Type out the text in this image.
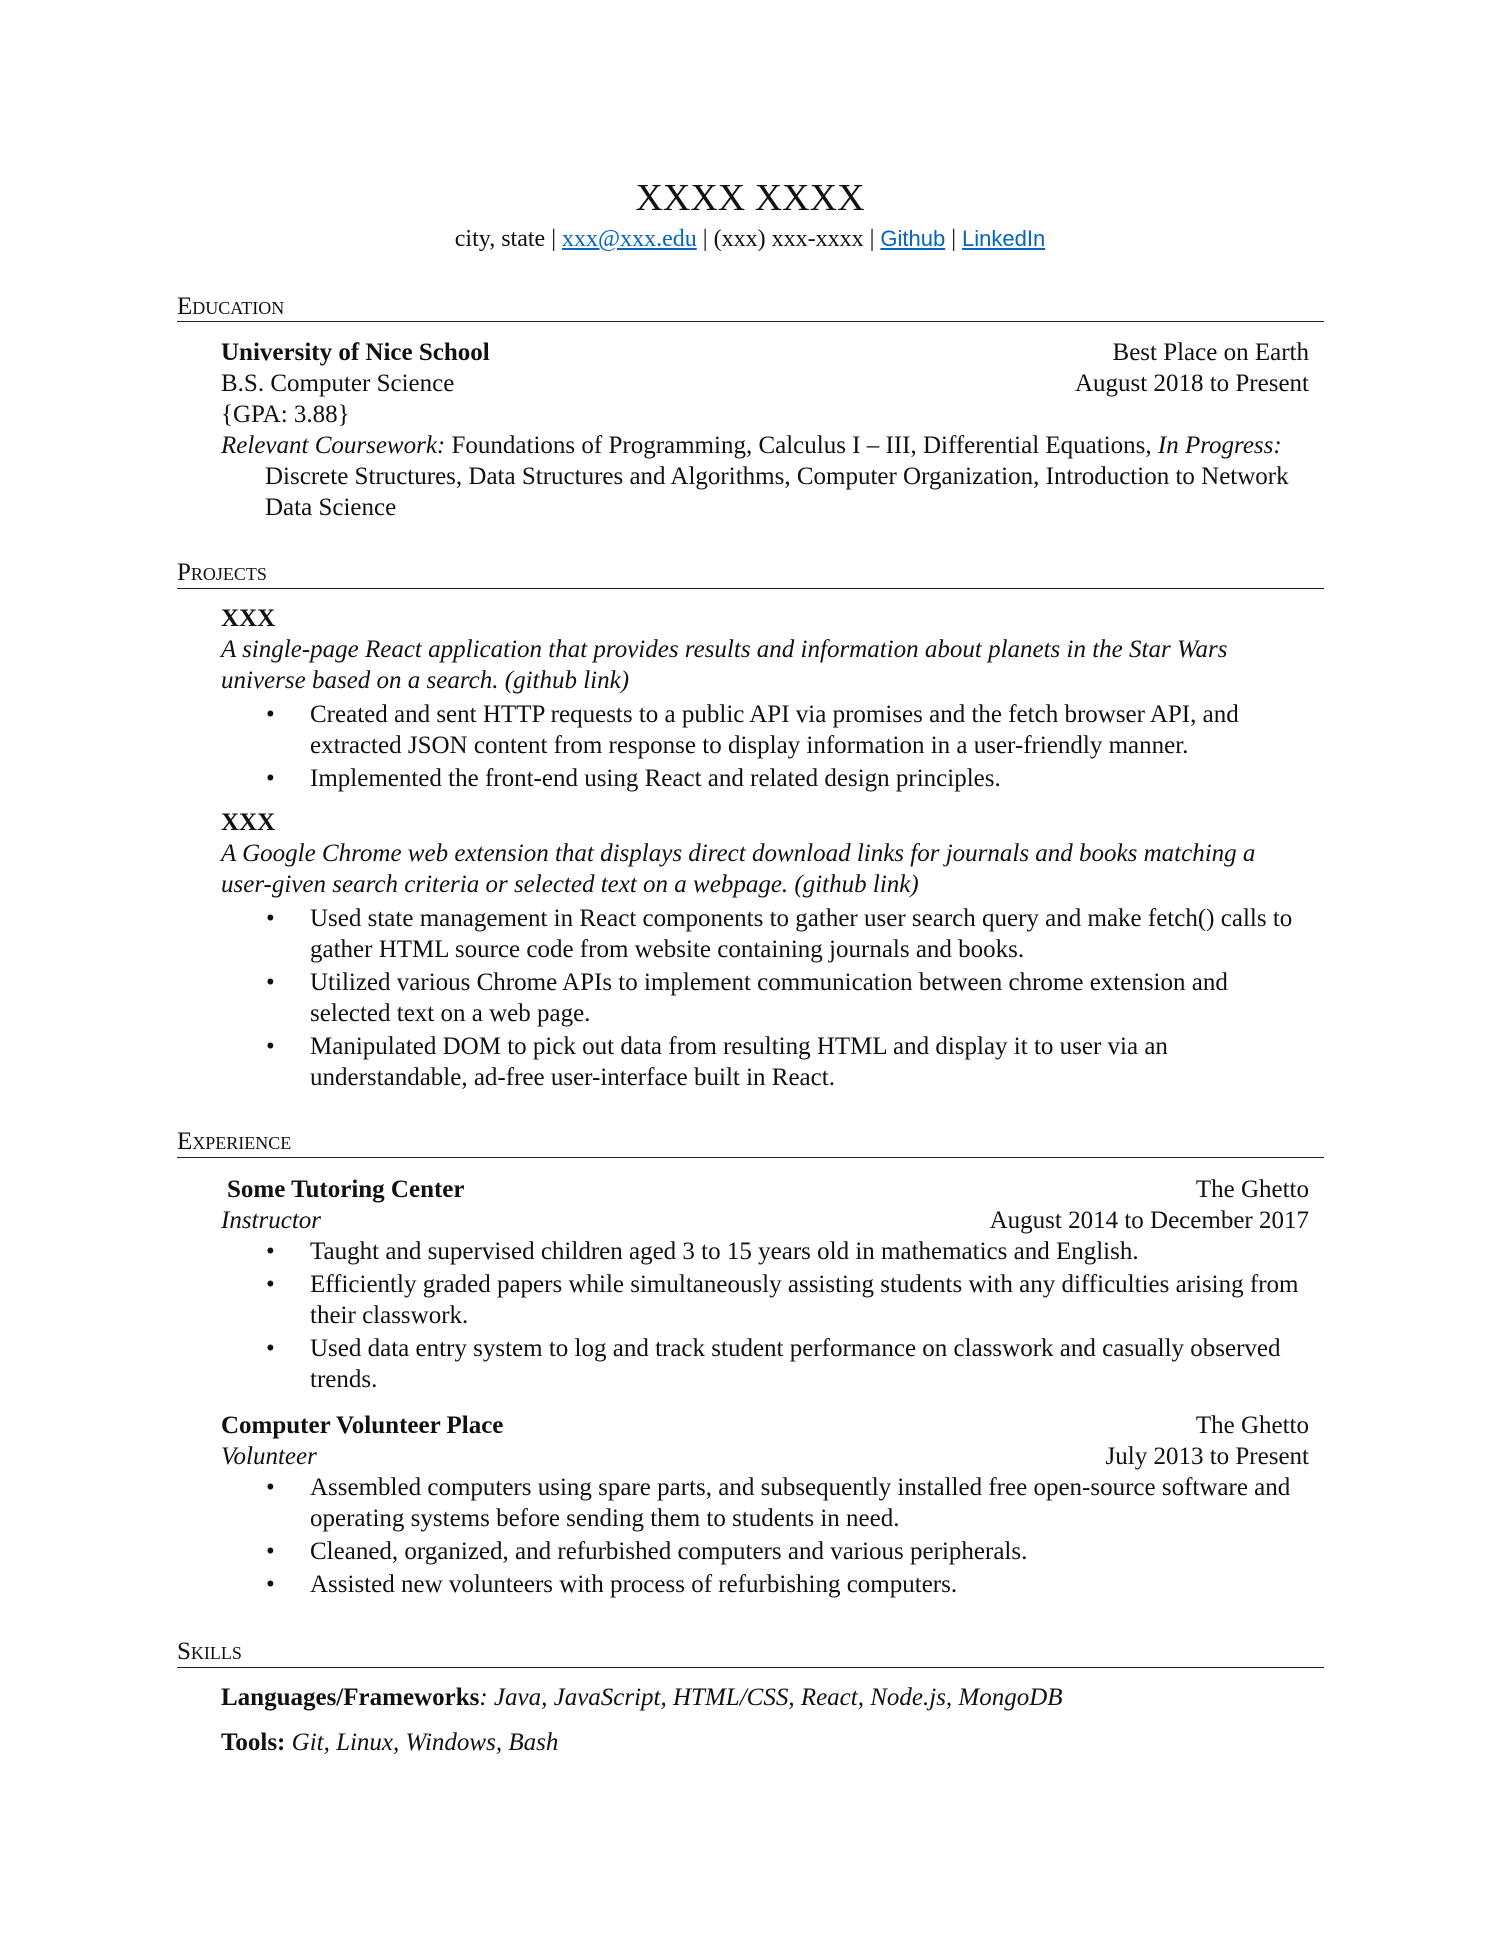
XXXX XXXX
city, state | xxx@xxx.edu | (xxx) xxx-xxxx | Github | LinkedIn
Education
University of Nice School	Best Place on Earth
B.S. Computer Science	August 2018 to Present
{GPA: 3.88}
Relevant Coursework: Foundations of Programming, Calculus I – III, Differential Equations, In Progress: Discrete Structures, Data Structures and Algorithms, Computer Organization, Introduction to Network Data Science
Projects
XXX
A single-page React application that provides results and information about planets in the Star Wars universe based on a search. (github link)
• Created and sent HTTP requests to a public API via promises and the fetch browser API, and extracted JSON content from response to display information in a user-friendly manner.
• Implemented the front-end using React and related design principles.
XXX
A Google Chrome web extension that displays direct download links for journals and books matching a user-given search criteria or selected text on a webpage. (github link)
• Used state management in React components to gather user search query and make fetch() calls to gather HTML source code from website containing journals and books.
• Utilized various Chrome APIs to implement communication between chrome extension and selected text on a web page.
• Manipulated DOM to pick out data from resulting HTML and display it to user via an understandable, ad-free user-interface built in React.
Experience
Some Tutoring Center	The Ghetto
Instructor	August 2014 to December 2017
• Taught and supervised children aged 3 to 15 years old in mathematics and English.
• Efficiently graded papers while simultaneously assisting students with any difficulties arising from their classwork.
• Used data entry system to log and track student performance on classwork and casually observed trends.
Computer Volunteer Place	The Ghetto
Volunteer	July 2013 to Present
• Assembled computers using spare parts, and subsequently installed free open-source software and operating systems before sending them to students in need.
• Cleaned, organized, and refurbished computers and various peripherals.
• Assisted new volunteers with process of refurbishing computers.
Skills
Languages/Frameworks: Java, JavaScript, HTML/CSS, React, Node.js, MongoDB
Tools: Git, Linux, Windows, Bash
